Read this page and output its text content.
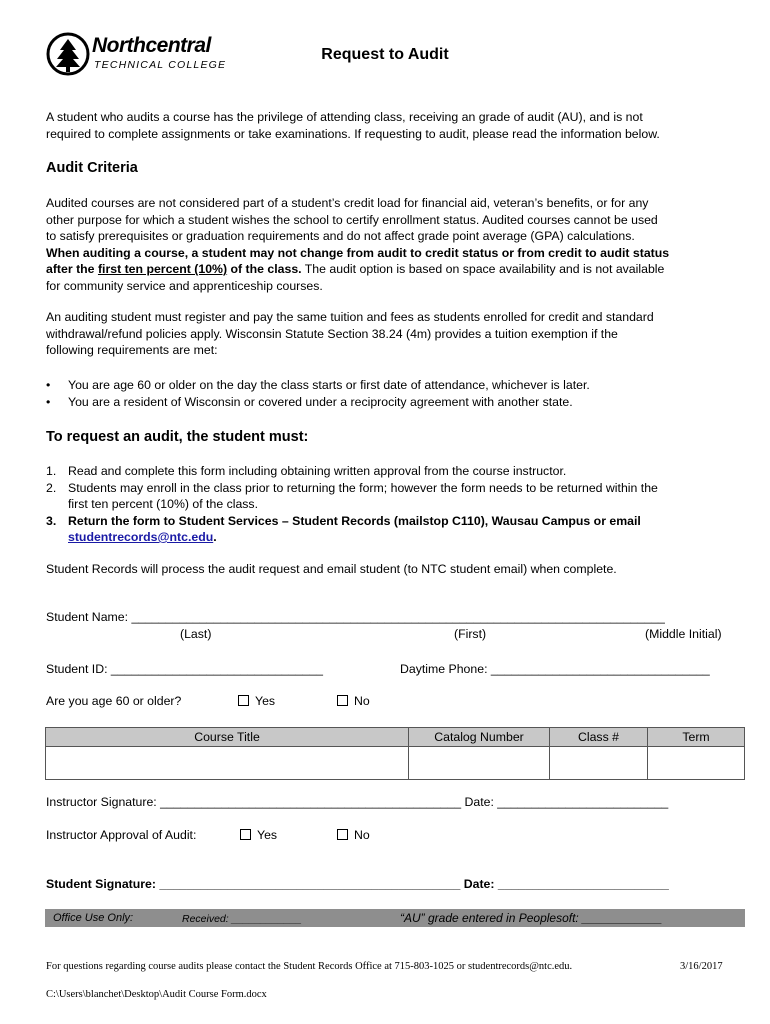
Northcentral
TECHNICAL COLLEGE
Request to Audit
A student who audits a course has the privilege of attending class, receiving an grade of audit (AU), and is not
required to complete assignments or take examinations. If requesting to audit, please read the information below.
Audit Criteria
Audited courses are not considered part of a student’s credit load for financial aid, veteran’s benefits, or for any
other purpose for which a student wishes the school to certify enrollment status. Audited courses cannot be used
to satisfy prerequisites or graduation requirements and do not affect grade point average (GPA) calculations.
When auditing a course, a student may not change from audit to credit status or from credit to audit status
after the first ten percent (10%) of the class. The audit option is based on space availability and is not available
for community service and apprenticeship courses.
An auditing student must register and pay the same tuition and fees as students enrolled for credit and standard
withdrawal/refund policies apply. Wisconsin Statute Section 38.24 (4m) provides a tuition exemption if the
following requirements are met:
•	You are age 60 or older on the day the class starts or first date of attendance, whichever is later.
•	You are a resident of Wisconsin or covered under a reciprocity agreement with another state.
To request an audit, the student must:
1. Read and complete this form including obtaining written approval from the course instructor.
2. Students may enroll in the class prior to returning the form; however the form needs to be returned within the
first ten percent (10%) of the class.
3. Return the form to Student Services – Student Records (mailstop C110), Wausau Campus or email
studentrecords@ntc.edu.
Student Records will process the audit request and email student (to NTC student email) when complete.
Student Name: ______________________________________________________________________________
(Last)	(First)	(Middle Initial)
Student ID: _______________________________	Daytime Phone: ________________________________
Are you age 60 or older?	Yes	No
Course Title	Catalog Number	Class #	Term

Instructor Signature: ____________________________________________ Date: _________________________
Instructor Approval of Audit:	Yes	No
Student Signature: ____________________________________________ Date: _________________________
Office Use Only:	Received: ____________	“AU” grade entered in Peoplesoft: ____________
For questions regarding course audits please contact the Student Records Office at 715-803-1025 or studentrecords@ntc.edu.	3/16/2017
C:\Users\blanchet\Desktop\Audit Course Form.docx
